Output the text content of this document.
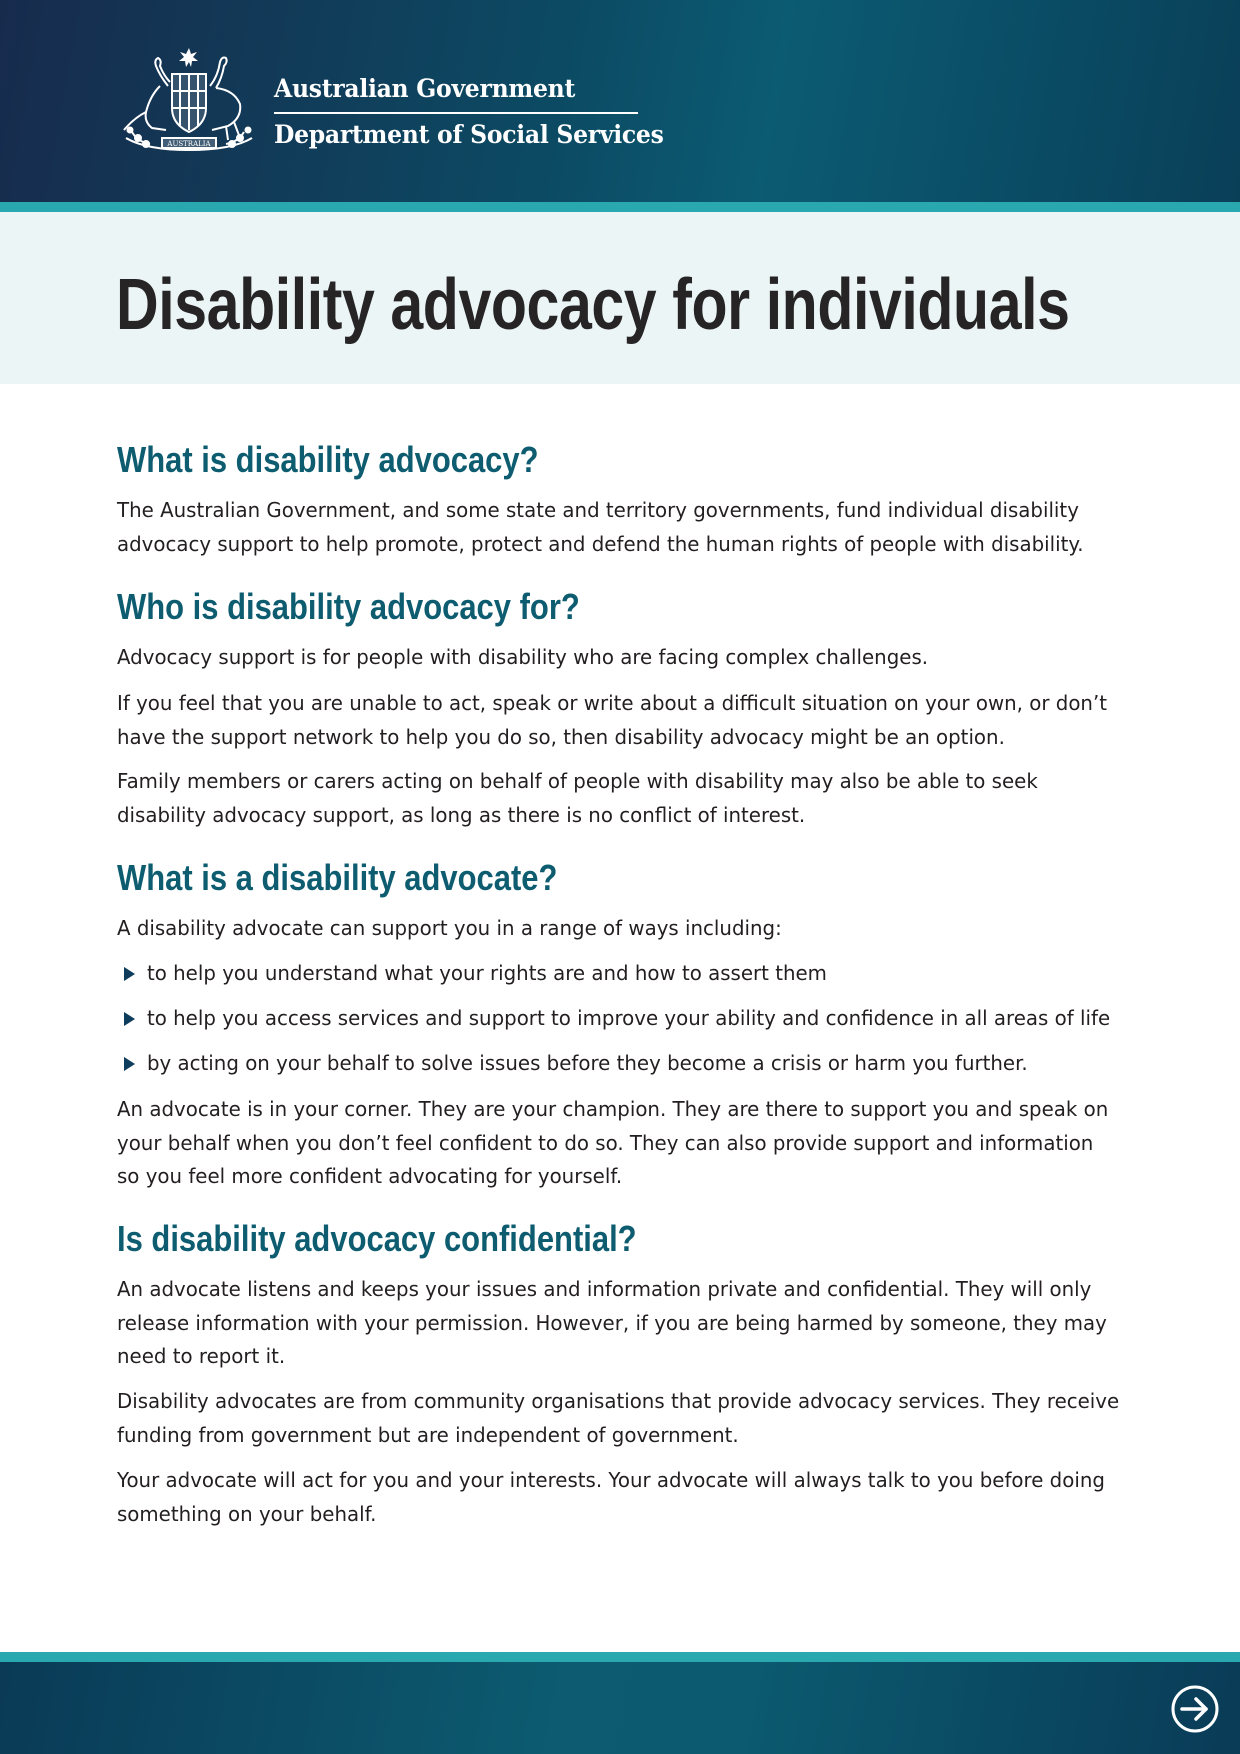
AUSTRALIA
Australian Government
Department of Social Services
Disability advocacy for individuals
What is disability advocacy?

The Australian Government, and some state and territory governments, fund individual disability advocacy support to help promote, protect and defend the human rights of people with disability.

Who is disability advocacy for?

Advocacy support is for people with disability who are facing complex challenges.

If you feel that you are unable to act, speak or write about a difficult situation on your own, or don’t have the support network to help you do so, then disability advocacy might be an option.

Family members or carers acting on behalf of people with disability may also be able to seek disability advocacy support, as long as there is no conflict of interest.

What is a disability advocate?

A disability advocate can support you in a range of ways including:

to help you understand what your rights are and how to assert them
to help you access services and support to improve your ability and confidence in all areas of life
by acting on your behalf to solve issues before they become a crisis or harm you further.

An advocate is in your corner. They are your champion. They are there to support you and speak on your behalf when you don’t feel confident to do so. They can also provide support and information so you feel more confident advocating for yourself.

Is disability advocacy confidential?

An advocate listens and keeps your issues and information private and confidential. They will only release information with your permission. However, if you are being harmed by someone, they may need to report it.

Disability advocates are from community organisations that provide advocacy services. They receive funding from government but are independent of government.

Your advocate will act for you and your interests. Your advocate will always talk to you before doing something on your behalf.
